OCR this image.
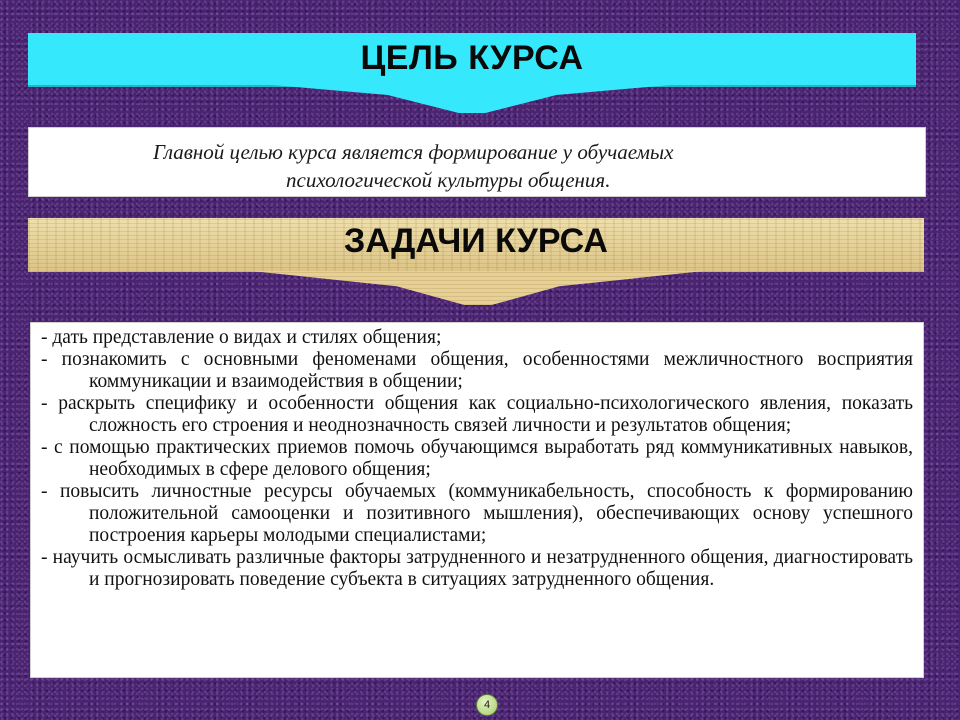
ЦЕЛЬ КУРСА
Главной целью курса является формирование у обучаемых
психологической культуры общения.
ЗАДАЧИ КУРСА

- дать представление о видах и стилях общения;

- познакомить с основными феноменами общения, особенностями межличностного восприятия коммуникации и взаимодействия в общении;

- раскрыть специфику и особенности общения как социально-психологического явления, показать сложность его строения и неоднозначность связей личности и результатов общения;

- с помощью практических приемов помочь обучающимся выработать ряд коммуникативных навыков, необходимых в сфере делового общения;

- повысить личностные ресурсы обучаемых (коммуникабельность, способность к формированию положительной самооценки и позитивного мышления), обеспечивающих основу успешного построения карьеры молодыми специалистами;

- научить осмысливать различные факторы затрудненного и незатрудненного общения, диагностировать и прогнозировать поведение субъекта в ситуациях затрудненного общения.

4
